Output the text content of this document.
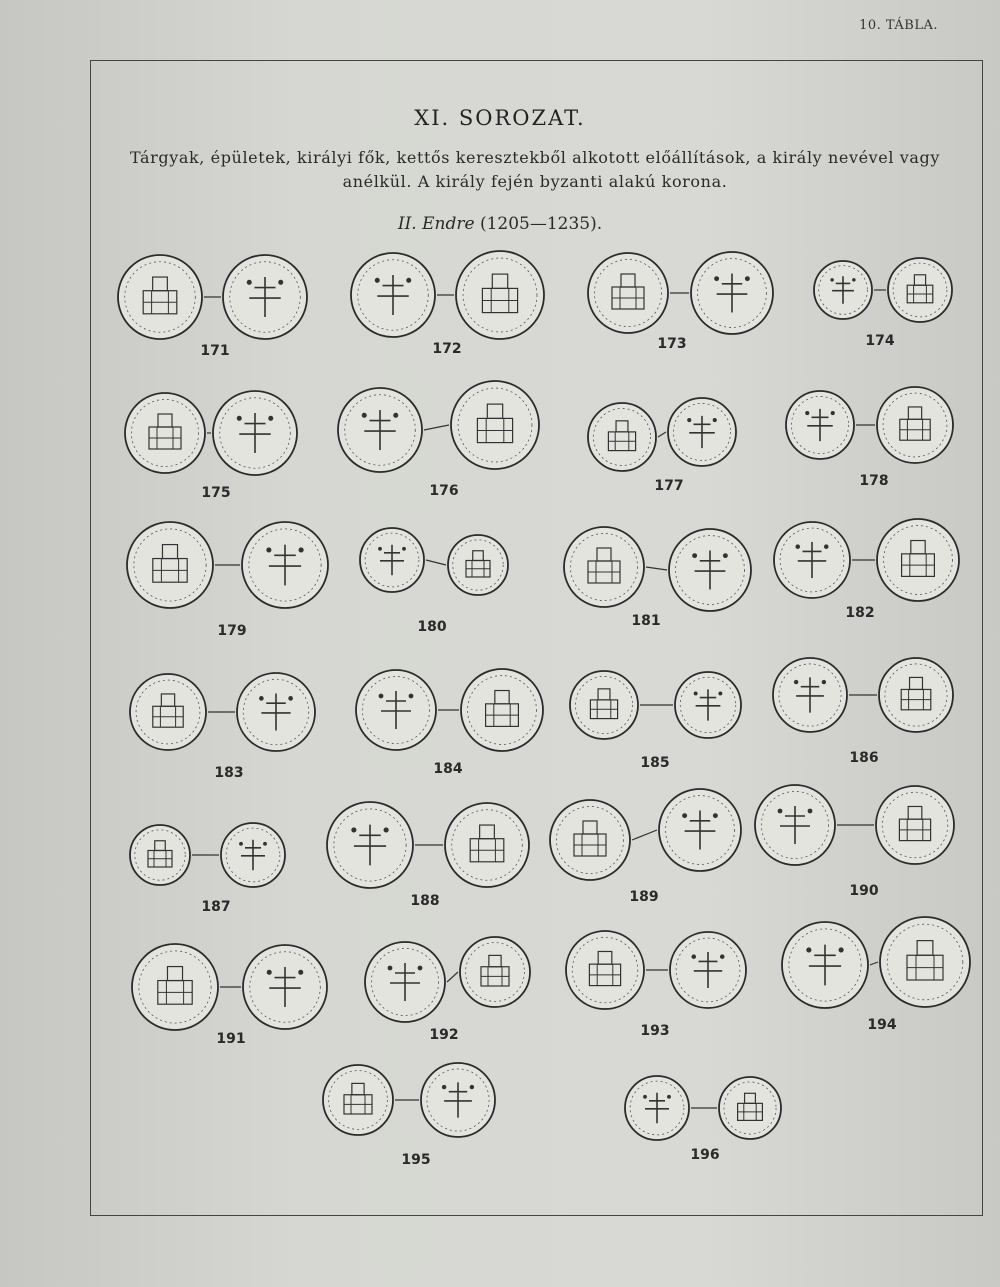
10. TÁBLA.
XI. SOROZAT.
Tárgyak, épületek, királyi fők, kettős keresztekből alkotott előállítások, a király nevével vagy
anélkül. A király fején byzanti alakú korona.
II. Endre (1205—1235).
171	172	173	174
175	176	177	178
179	180	181	182
183	184	185	186
187	188	189	190
191	192	193	194
195	196
